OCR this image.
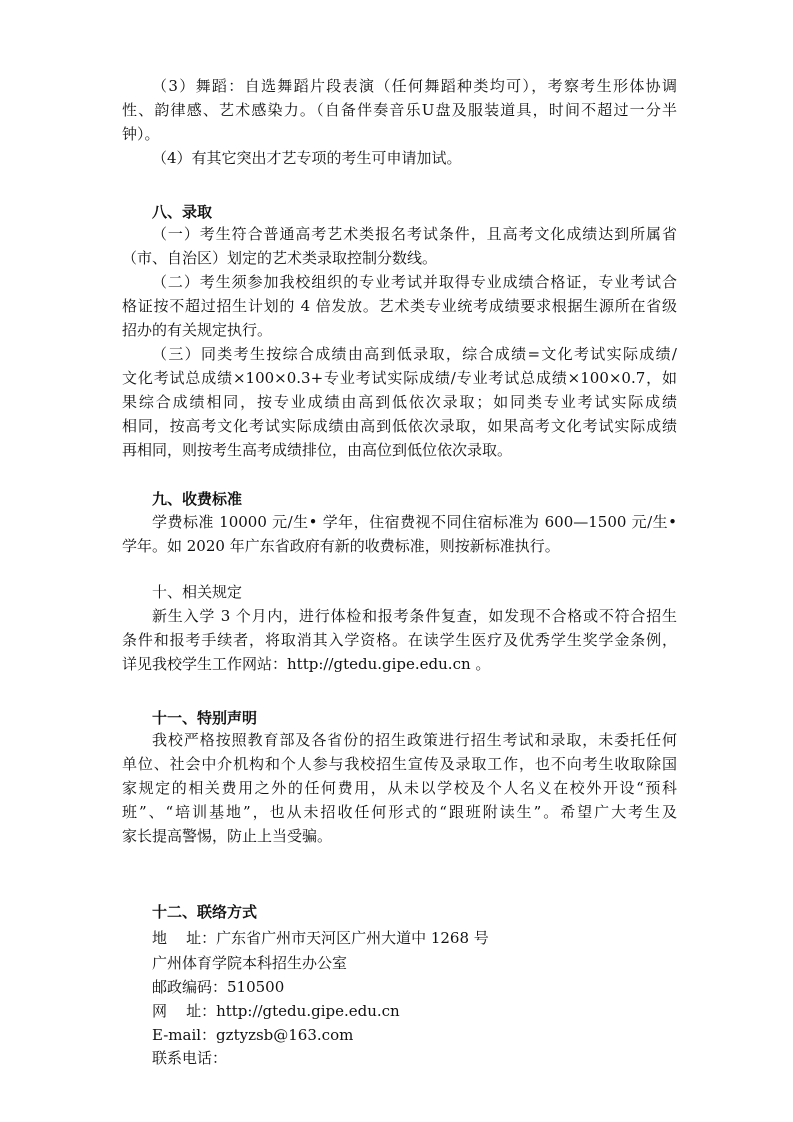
（3）舞蹈：自选舞蹈片段表演（任何舞蹈种类均可），考察考生形体协调
性、韵律感、艺术感染力。（自备伴奏音乐U盘及服装道具，时间不超过一分半
钟）。
（4）有其它突出才艺专项的考生可申请加试。
八、录取
（一）考生符合普通高考艺术类报名考试条件，且高考文化成绩达到所属省
（市、自治区）划定的艺术类录取控制分数线。
（二）考生须参加我校组织的专业考试并取得专业成绩合格证，专业考试合
格证按不超过招生计划的 4 倍发放。艺术类专业统考成绩要求根据生源所在省级
招办的有关规定执行。
（三）同类考生按综合成绩由高到低录取，综合成绩=文化考试实际成绩/
文化考试总成绩×100×0.3+专业考试实际成绩/专业考试总成绩×100×0.7，如
果综合成绩相同，按专业成绩由高到低依次录取；如同类专业考试实际成绩
相同，按高考文化考试实际成绩由高到低依次录取，如果高考文化考试实际成绩
再相同，则按考生高考成绩排位，由高位到低位依次录取。
九、收费标准
学费标准 10000 元/生• 学年，住宿费视不同住宿标准为 600—1500 元/生•
学年。如 2020 年广东省政府有新的收费标准，则按新标准执行。
十、相关规定
新生入学 3 个月内，进行体检和报考条件复查，如发现不合格或不符合招生
条件和报考手续者，将取消其入学资格。在读学生医疗及优秀学生奖学金条例，
详见我校学生工作网站：http://gtedu.gipe.edu.cn 。
十一、特别声明
我校严格按照教育部及各省份的招生政策进行招生考试和录取，未委托任何
单位、社会中介机构和个人参与我校招生宣传及录取工作，也不向考生收取除国
家规定的相关费用之外的任何费用，从未以学校及个人名义在校外开设“预科
班”、“培训基地”，也从未招收任何形式的“跟班附读生”。希望广大考生及
家长提高警惕，防止上当受骗。
十二、联络方式
地    址：广东省广州市天河区广州大道中 1268 号
广州体育学院本科招生办公室
邮政编码：510500
网    址：http://gtedu.gipe.edu.cn
E-mail：gztyzsb@163.com
联系电话：
